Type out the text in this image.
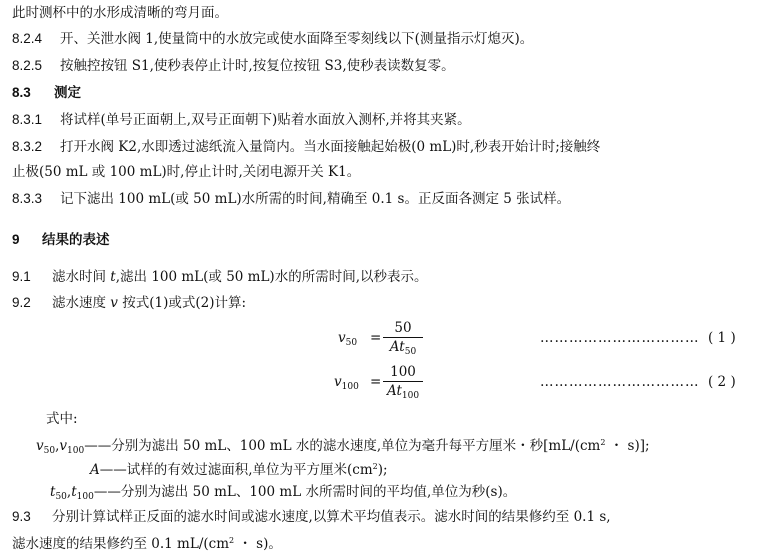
此时测杯中的水形成清晰的弯月面。
8.2.4 开、关泄水阀 1,使量筒中的水放完或使水面降至零刻线以下(测量指示灯熄灭)。
8.2.5 按触控按钮 S1,使秒表停止计时,按复位按钮 S3,使秒表读数复零。
8.3 测定
8.3.1 将试样(单号正面朝上,双号正面朝下)贴着水面放入测杯,并将其夹紧。
8.3.2 打开水阀 K2,水即透过滤纸流入量筒内。当水面接触起始极(0 mL)时,秒表开始计时;接触终
止极(50 mL 或 100 mL)时,停止计时,关闭电源开关 K1。
8.3.3 记下滤出 100 mL(或 50 mL)水所需的时间,精确至 0.1 s。正反面各测定 5 张试样。
9 结果的表述
9.1 滤水时间 t,滤出 100 mL(或 50 mL)水的所需时间,以秒表示。
9.2 滤水速度 v 按式(1)或式(2)计算:
$v_{50}$ =
50
$At_{50}$
…………………………… ( 1 )
$v_{100}$ =
100
$At_{100}$
…………………………… ( 2 )
式中:
$v_{50},v_{100}——$分别为滤出 50 mL、100 mL 水的滤水速度,单位为毫升每平方厘米・秒[$mL/(cm^2$ ・ s)];
A——试样的有效过滤面积,单位为平方厘米$(cm^2)$;
$t_{50},t_{100}——$分别为滤出 50 mL、100 mL 水所需时间的平均值,单位为秒(s)。
9.3 分别计算试样正反面的滤水时间或滤水速度,以算术平均值表示。滤水时间的结果修约至 0.1 s,
滤水速度的结果修约至 0.1 $mL/(cm^2$ ・ s)。
